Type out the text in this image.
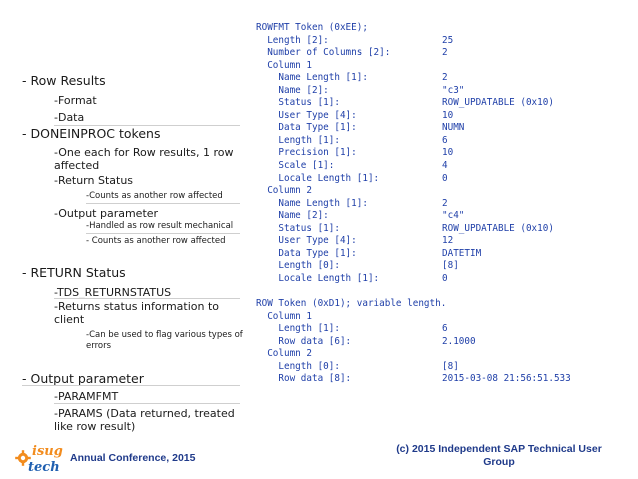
- Row Results
-Format
-Data
- DONEINPROC tokens
-One each for Row results, 1 row affected
-Return Status
-Counts as another row affected
-Output parameter
-Handled as row result mechanical
- Counts as another row affected
- RETURN Status
-TDS_RETURNSTATUS
-Returns status information to client
-Can be used to flag various types of errors
- Output parameter
-PARAMFMT
-PARAMS (Data returned, treated like row result)
ROWFMT Token (0xEE);
Length [2]:	25
Number of Columns [2]:	2
Column 1
Name Length [1]:	2
Name [2]:	"c3"
Status [1]:	ROW_UPDATABLE (0x10)
User Type [4]:	10
Data Type [1]:	NUMN
Length [1]:	6
Precision [1]:	10
Scale [1]:	4
Locale Length [1]:	0
Column 2
Name Length [1]:	2
Name [2]:	"c4"
Status [1]:	ROW_UPDATABLE (0x10)
User Type [4]:	12
Data Type [1]:	DATETIM
Length [0]:	[8]
Locale Length [1]:	0
ROW Token (0xD1); variable length.
Column 1
Length [1]:	6
Row data [6]:	2.1000
Column 2
Length [0]:	[8]
Row data [8]:	2015-03-08 21:56:51.533
isug
tech
Annual Conference, 2015
(c) 2015 Independent SAP Technical User Group
